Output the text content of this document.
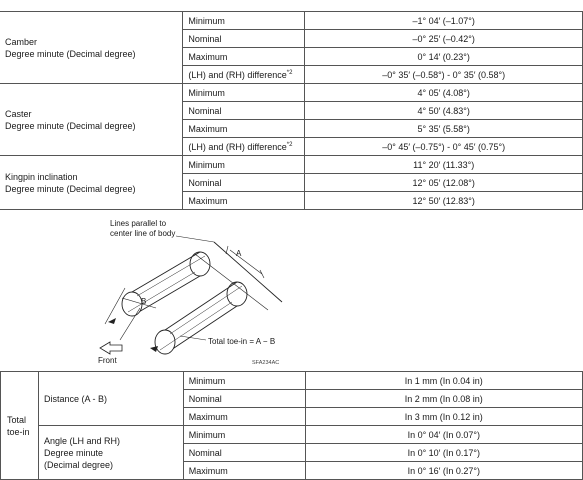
Camber
Degree minute (Decimal degree)	Minimum	–1° 04′ (–1.07°)
	Nominal	–0° 25′ (–0.42°)
	Maximum	0° 14′ (0.23°)
	(LH) and (RH) difference$^{*2}$	–0° 35′ (–0.58°) - 0° 35′ (0.58°)

Caster
Degree minute (Decimal degree)	Minimum	4° 05′ (4.08°)
	Nominal	4° 50′ (4.83°)
	Maximum	5° 35′ (5.58°)
	(LH) and (RH) difference$^{*2}$	–0° 45′ (–0.75°) - 0° 45′ (0.75°)

Kingpin inclination
Degree minute (Decimal degree)	Minimum	11° 20′ (11.33°)
	Nominal	12° 05′ (12.08°)
	Maximum	12° 50′ (12.83°)
Lines parallel to
center line of body
A
B
Total toe-in = A − B
Front	SFA234AC
Total
toe-in	Distance (A - B)	Minimum	In 1 mm (In 0.04 in)
		Nominal	In 2 mm (In 0.08 in)
		Maximum	In 3 mm (In 0.12 in)

	Angle (LH and RH)
Degree minute
(Decimal degree)	Minimum	In 0° 04′ (In 0.07°)
		Nominal	In 0° 10′ (In 0.17°)
		Maximum	In 0° 16′ (In 0.27°)
